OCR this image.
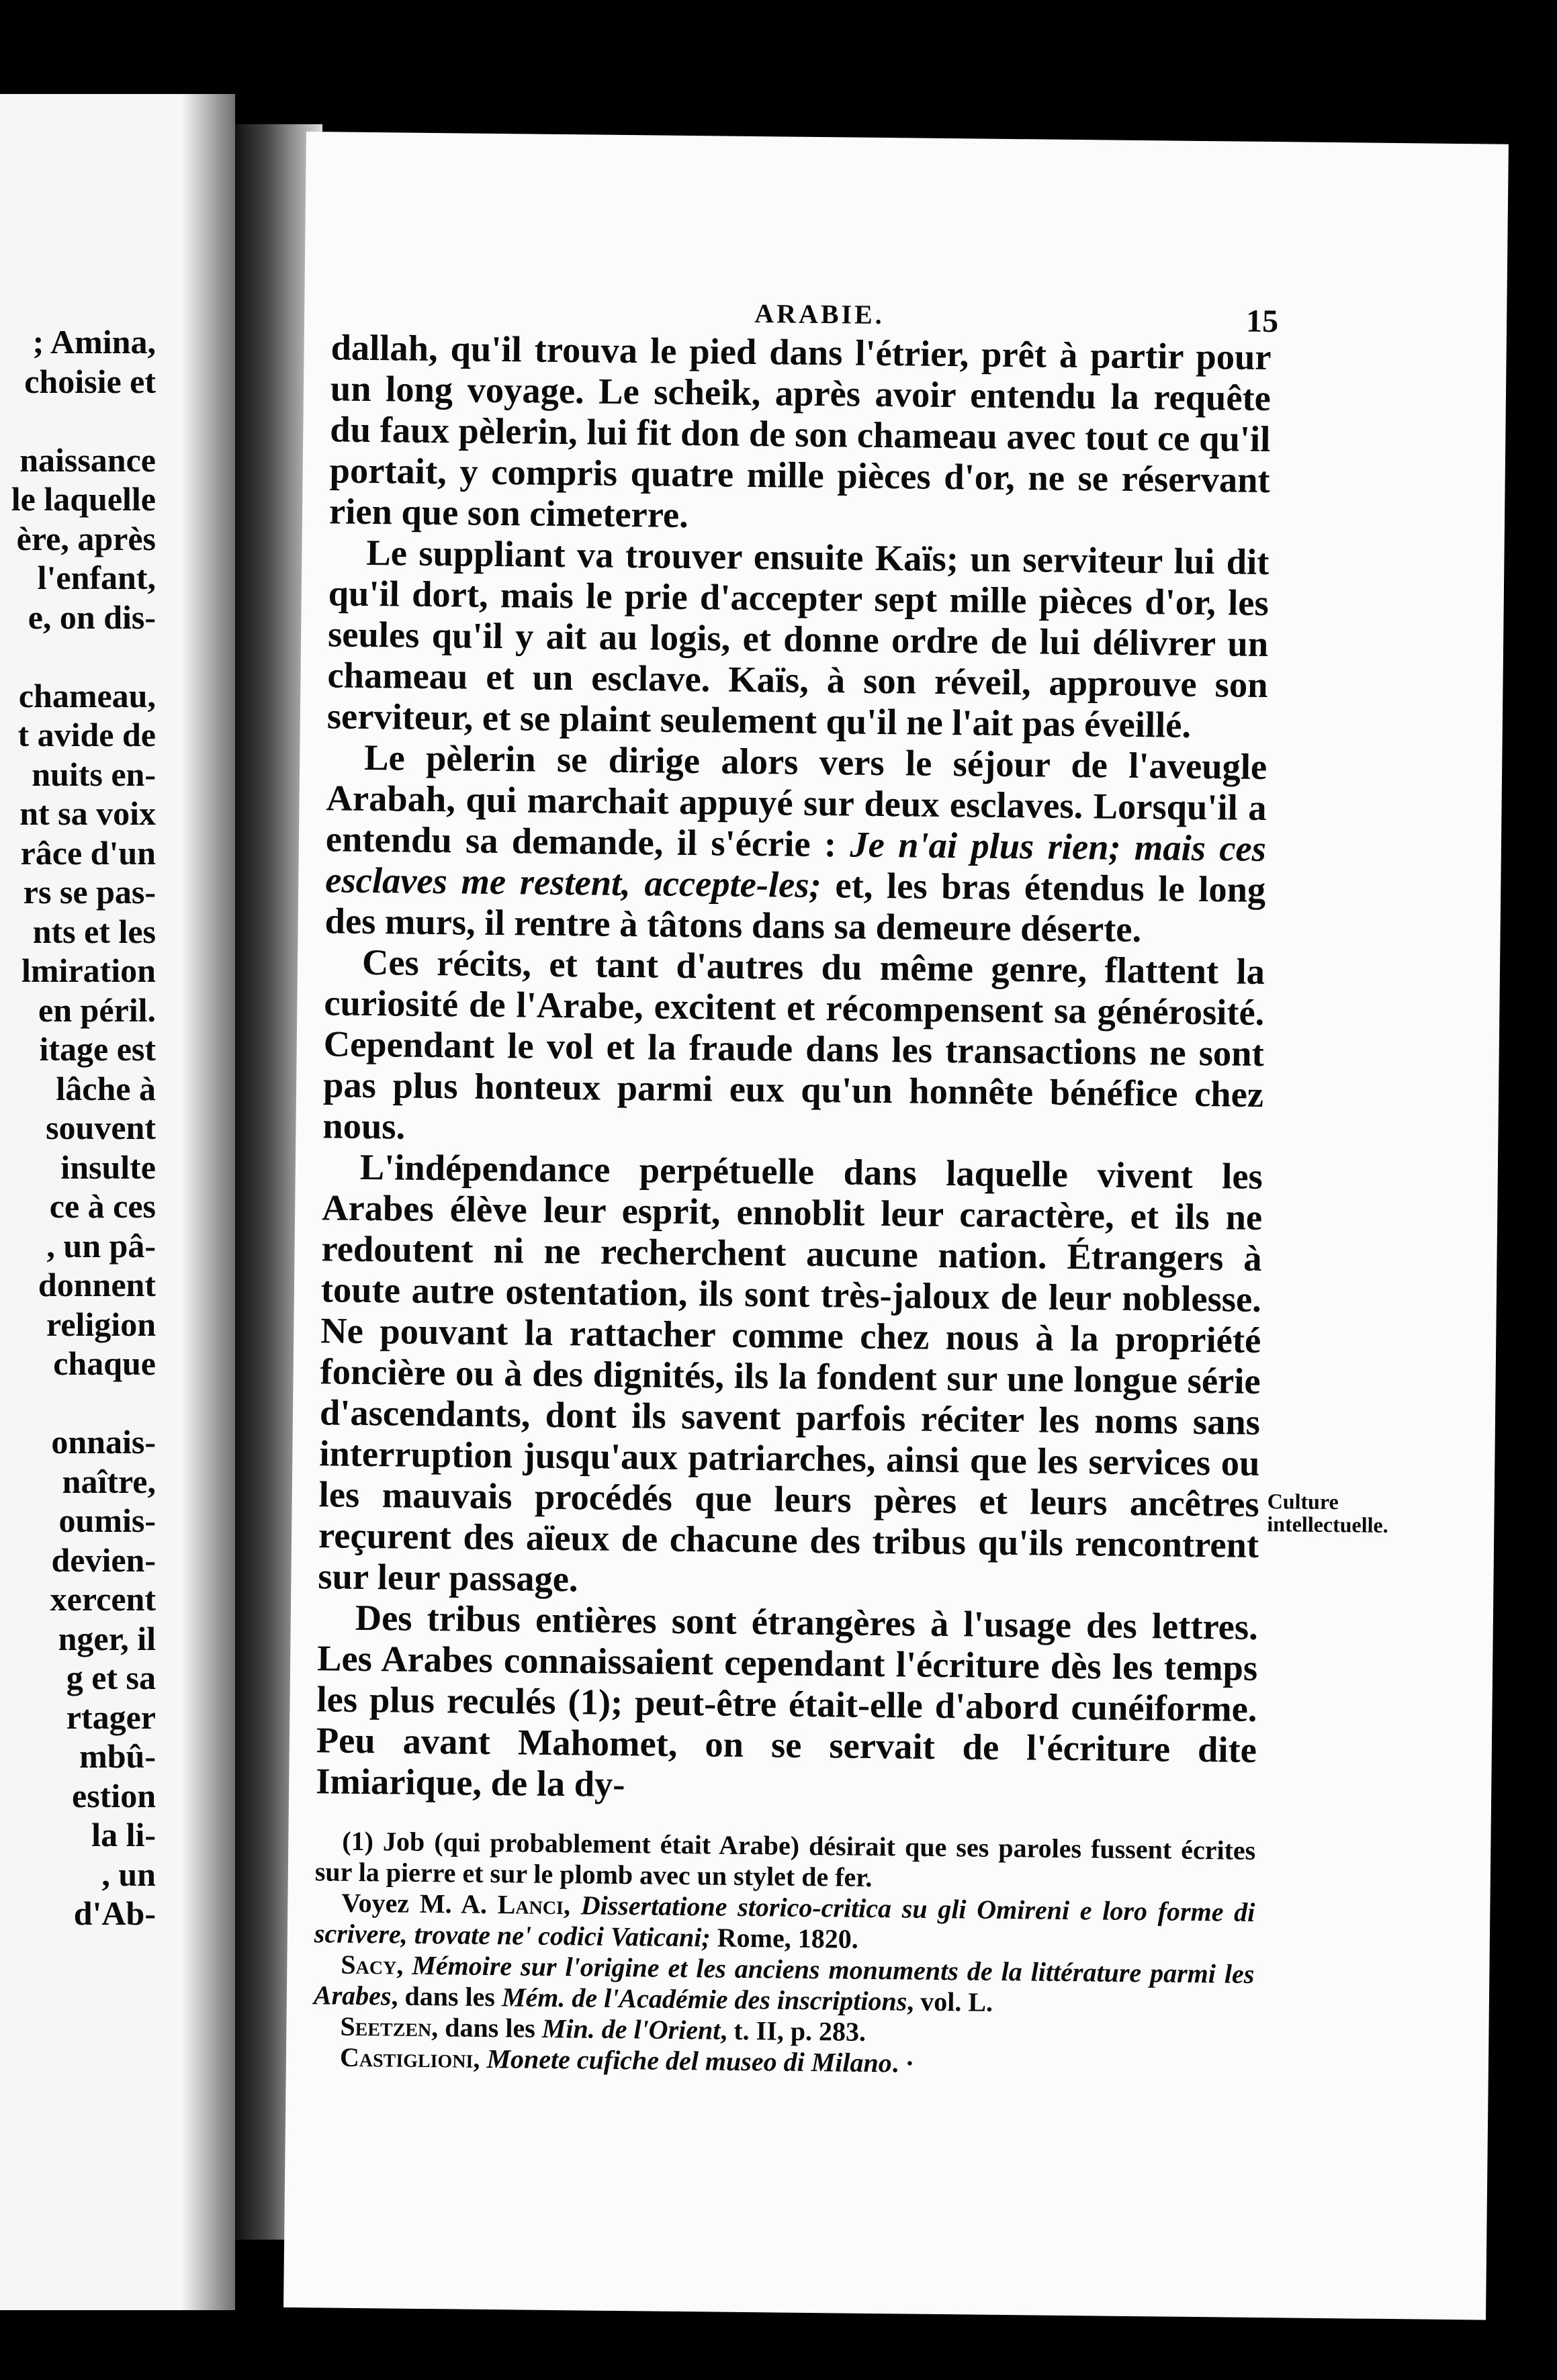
; Amina,
choisie et
naissance
le laquelle
ère, après
l'enfant,
e, on dis-
chameau,
t avide de
nuits en-
nt sa voix
râce d'un
rs se pas-
nts et les
lmiration
en péril.
itage est
lâche à
souvent
insulte
ce à ces
, un pâ-
donnent
religion
chaque
onnais-
naître,
oumis-
devien-
xercent
nger, il
g et sa
rtager
mbû-
estion
la li-
, un
d'Ab-
ARABIE.	15

dallah, qu'il trouva le pied dans l'étrier, prêt à partir pour un long voyage. Le scheik, après avoir entendu la requête du faux pèlerin, lui fit don de son chameau avec tout ce qu'il portait, y compris quatre mille pièces d'or, ne se réservant rien que son cimeterre.

Le suppliant va trouver ensuite Kaïs; un serviteur lui dit qu'il dort, mais le prie d'accepter sept mille pièces d'or, les seules qu'il y ait au logis, et donne ordre de lui délivrer un chameau et un esclave. Kaïs, à son réveil, approuve son serviteur, et se plaint seulement qu'il ne l'ait pas éveillé.

Le pèlerin se dirige alors vers le séjour de l'aveugle Arabah, qui marchait appuyé sur deux esclaves. Lorsqu'il a entendu sa demande, il s'écrie : Je n'ai plus rien; mais ces esclaves me restent, accepte-les; et, les bras étendus le long des murs, il rentre à tâtons dans sa demeure déserte.

Ces récits, et tant d'autres du même genre, flattent la curiosité de l'Arabe, excitent et récompensent sa générosité. Cependant le vol et la fraude dans les transactions ne sont pas plus honteux parmi eux qu'un honnête bénéfice chez nous.

L'indépendance perpétuelle dans laquelle vivent les Arabes élève leur esprit, ennoblit leur caractère, et ils ne redoutent ni ne recherchent aucune nation. Étrangers à toute autre ostentation, ils sont très-jaloux de leur noblesse. Ne pouvant la rattacher comme chez nous à la propriété foncière ou à des dignités, ils la fondent sur une longue série d'ascendants, dont ils savent parfois réciter les noms sans interruption jusqu'aux patriarches, ainsi que les services ou les mauvais procédés que leurs pères et leurs ancêtres reçurent des aïeux de chacune des tribus qu'ils rencontrent sur leur passage.

Des tribus entières sont étrangères à l'usage des lettres. Les Arabes connaissaient cependant l'écriture dès les temps les plus reculés (1); peut-être était-elle d'abord cunéiforme. Peu avant Mahomet, on se servait de l'écriture dite Imiarique, de la dy-

(1) Job (qui probablement était Arabe) désirait que ses paroles fussent écrites sur la pierre et sur le plomb avec un stylet de fer.

Voyez M. A. Lanci, Dissertatione storico-critica su gli Omireni e loro forme di scrivere, trovate ne' codici Vaticani; Rome, 1820.

Sacy, Mémoire sur l'origine et les anciens monuments de la littérature parmi les Arabes, dans les Mém. de l'Académie des inscriptions, vol. L.

Seetzen, dans les Min. de l'Orient, t. II, p. 283.

Castiglioni, Monete cufiche del museo di Milano. ·

Culture intellectuelle.
